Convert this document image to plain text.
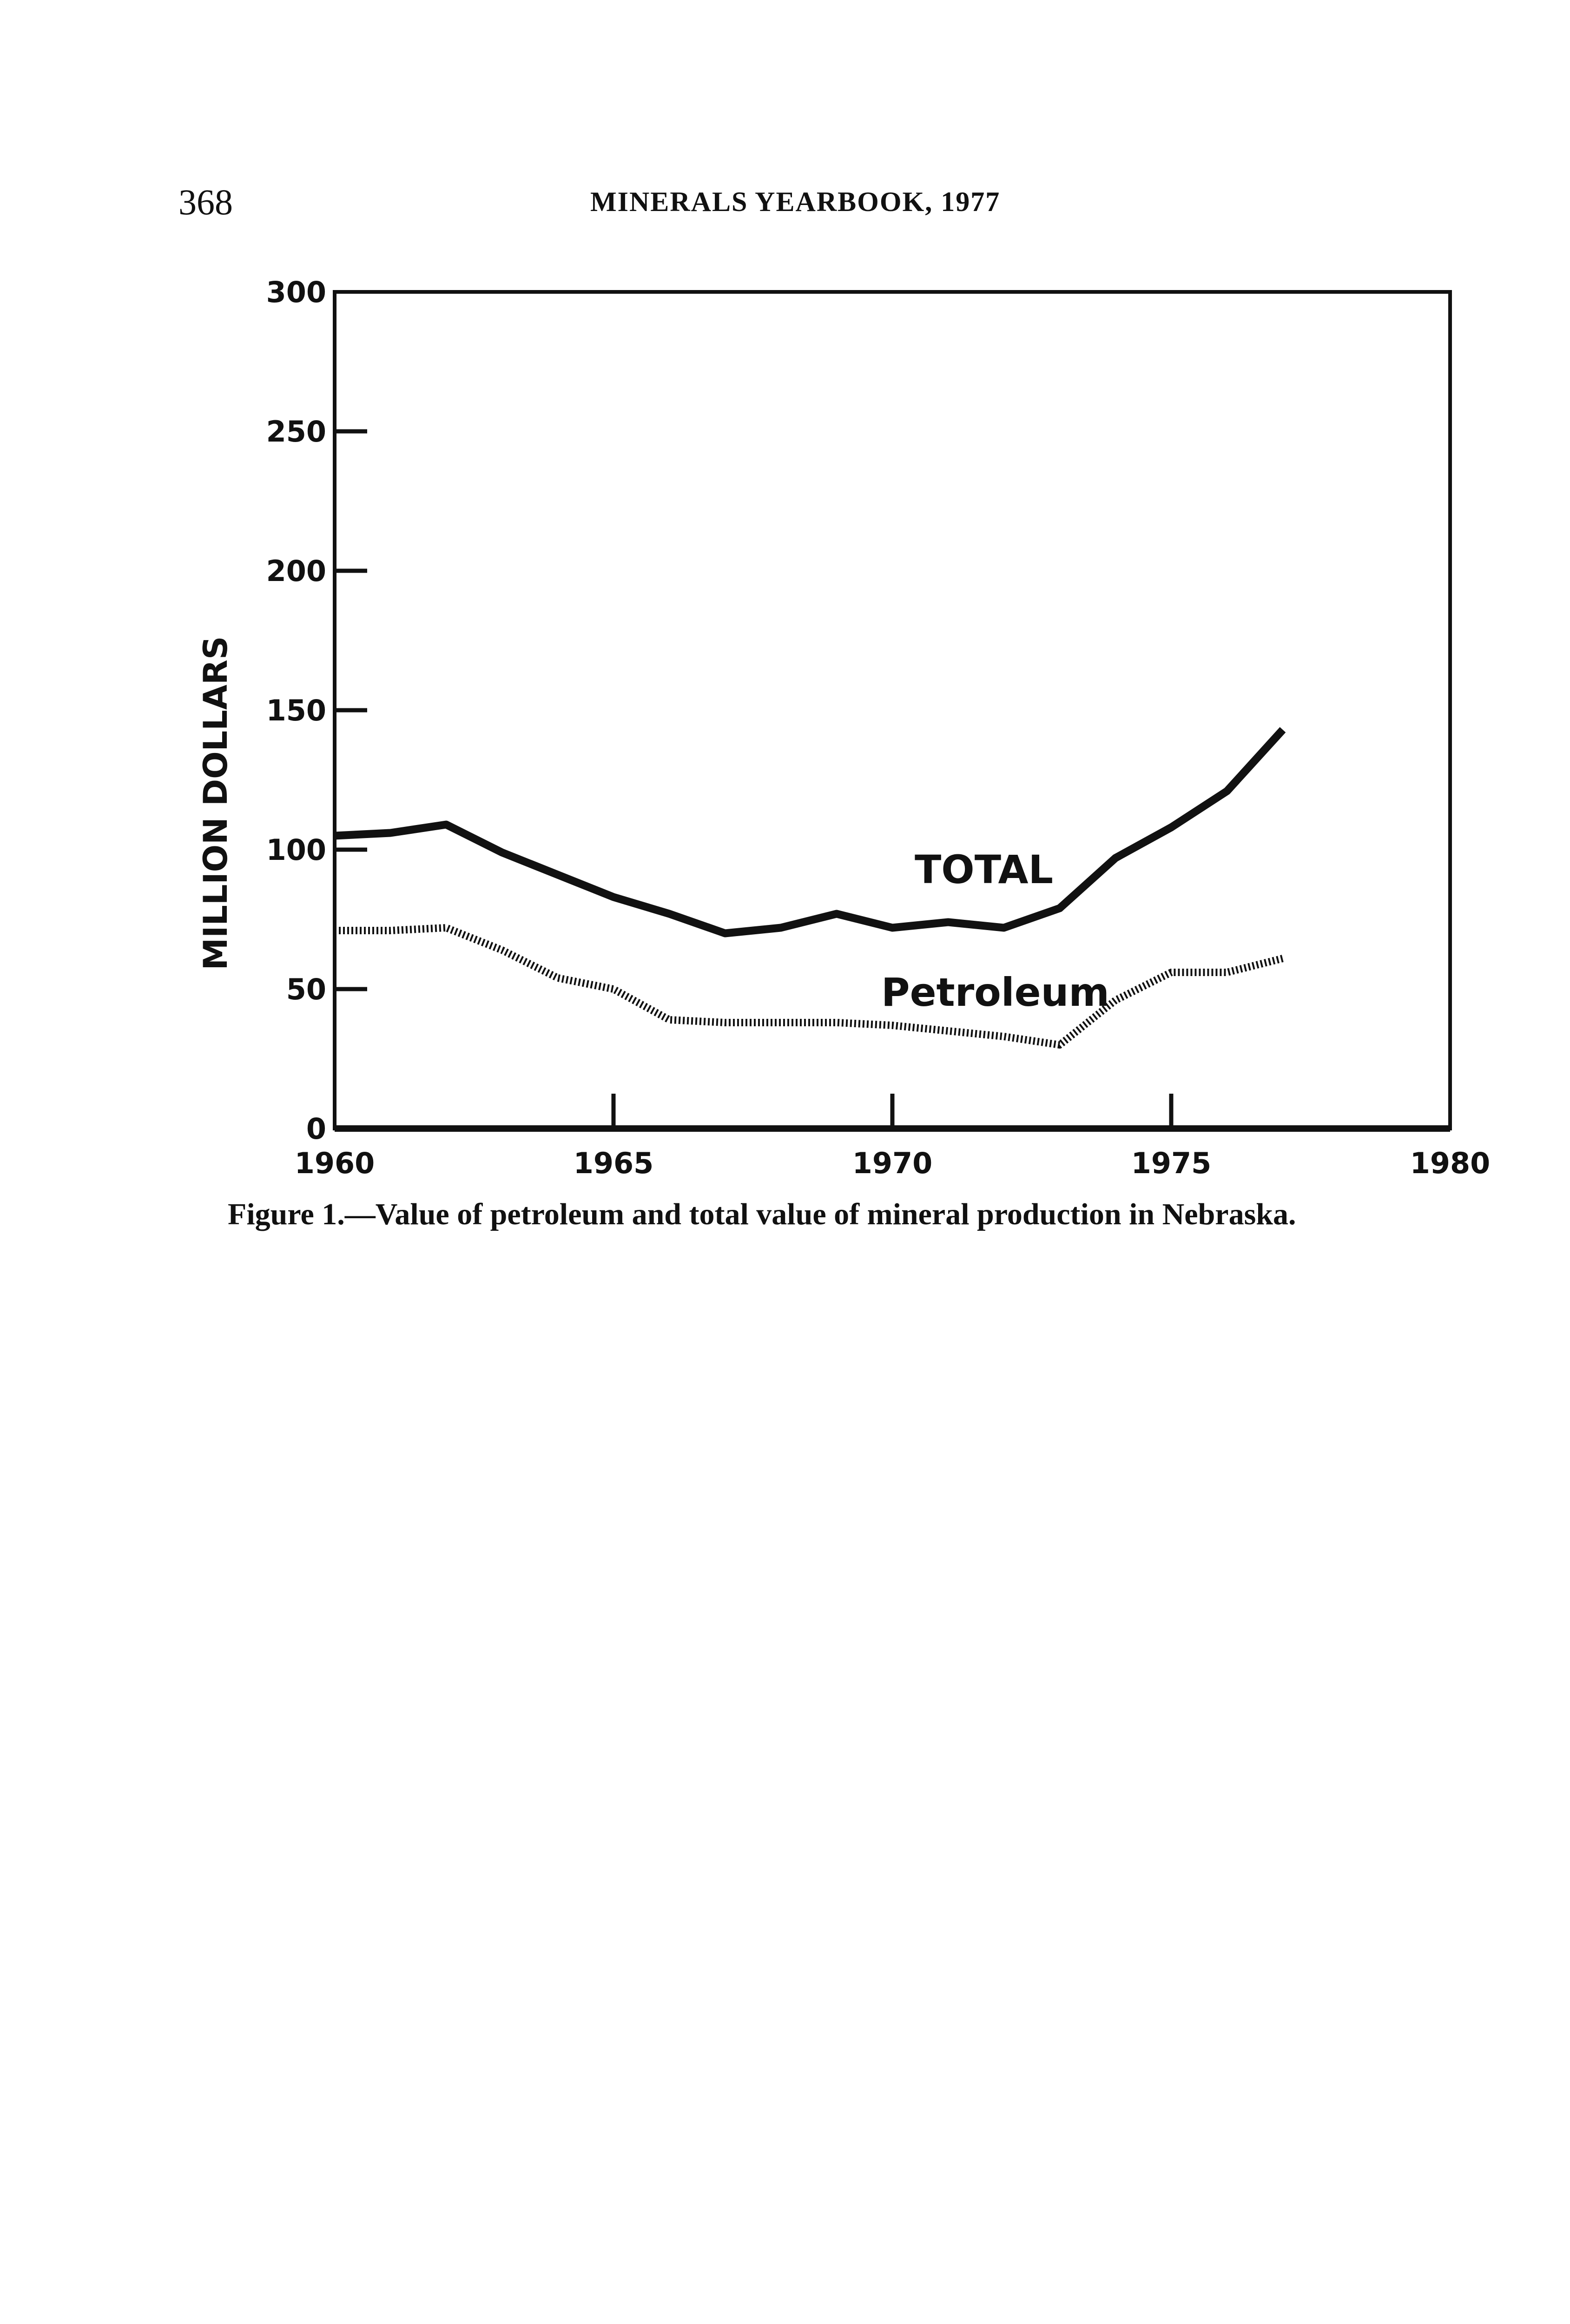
368	MINERALS YEARBOOK, 1977
0
50
100
150
200
250
300
1960	1965	1970	1975	1980
MILLION DOLLARS	TOTAL
Petroleum
Figure 1.—Value of petroleum and total value of mineral production in Nebraska.
